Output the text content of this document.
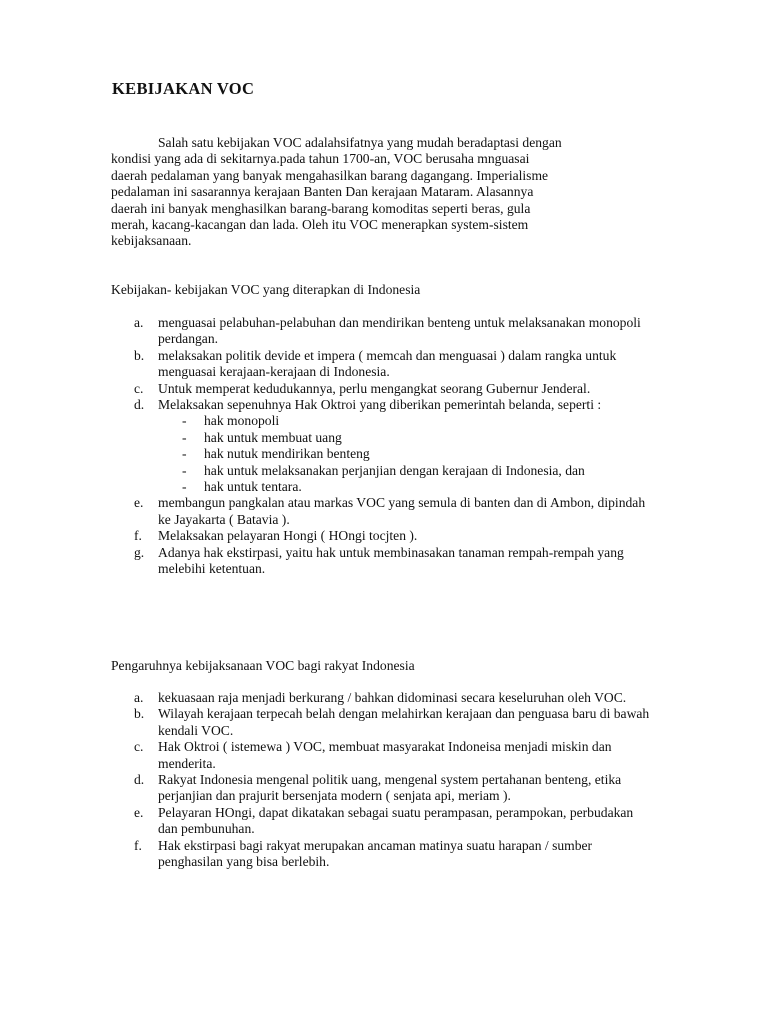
KEBIJAKAN VOC

Salah satu kebijakan VOC adalahsifatnya yang mudah beradaptasi dengan
kondisi yang ada di sekitarnya.pada tahun 1700-an, VOC berusaha mnguasai
daerah pedalaman yang banyak mengahasilkan barang dagangang. Imperialisme
pedalaman ini sasarannya kerajaan Banten Dan kerajaan Mataram. Alasannya
daerah ini banyak menghasilkan barang-barang komoditas seperti beras, gula
merah, kacang-kacangan dan lada. Oleh itu VOC menerapkan system-sistem
kebijaksanaan.

Kebijakan- kebijakan VOC yang diterapkan di Indonesia

a.	menguasai pelabuhan-pelabuhan dan mendirikan benteng untuk melaksanakan monopoli perdangan.
b.	melaksakan politik devide et impera ( memcah dan menguasai ) dalam rangka untuk menguasai kerajaan-kerajaan di Indonesia.
c.	Untuk memperat kedudukannya, perlu mengangkat seorang Gubernur Jenderal.
d.	Melaksakan sepenuhnya Hak Oktroi yang diberikan pemerintah belanda, seperti :
- hak monopoli
- hak untuk membuat uang
- hak nutuk mendirikan benteng
- hak untuk melaksanakan perjanjian dengan kerajaan di Indonesia, dan
- hak untuk tentara.
e.	membangun pangkalan atau markas VOC yang semula di banten dan di Ambon, dipindah ke Jayakarta ( Batavia ).
f.	Melaksakan pelayaran Hongi ( HOngi tocjten ).
g.	Adanya hak ekstirpasi, yaitu hak untuk membinasakan tanaman rempah-rempah yang melebihi ketentuan.

Pengaruhnya kebijaksanaan VOC bagi rakyat Indonesia

a.	kekuasaan raja menjadi berkurang / bahkan didominasi secara keseluruhan oleh VOC.
b.	Wilayah kerajaan terpecah belah dengan melahirkan kerajaan dan penguasa baru di bawah kendali VOC.
c.	Hak Oktroi ( istemewa ) VOC, membuat masyarakat Indoneisa menjadi miskin dan menderita.
d.	Rakyat Indonesia mengenal politik uang, mengenal system pertahanan benteng, etika perjanjian dan prajurit bersenjata modern ( senjata api, meriam ).
e.	Pelayaran HOngi, dapat dikatakan sebagai suatu perampasan, perampokan, perbudakan dan pembunuhan.
f.	Hak ekstirpasi bagi rakyat merupakan ancaman matinya suatu harapan / sumber penghasilan yang bisa berlebih.
